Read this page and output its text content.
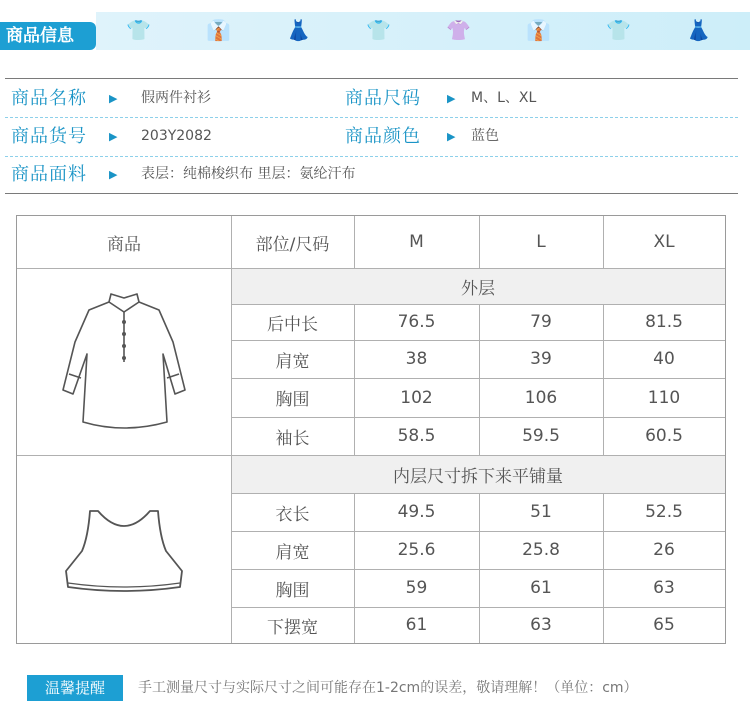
👕	👔	👗	👕	👚	👔	👕	👗
商品信息
商品名称 ▶ 假两件衬衫	商品尺码 ▶ M、L、XL
商品货号 ▶ 203Y2082	商品颜色 ▶ 蓝色
商品面料 ▶ 表层：纯棉梭织布 里层：氨纶汗布
商品	部位/尺码	M	L	XL
外层
后中长	76.5	79	81.5
肩宽	38	39	40
胸围	102	106	110
袖长	58.5	59.5	60.5
内层尺寸拆下来平铺量
衣长	49.5	51	52.5
肩宽	25.6	25.8	26
胸围	59	61	63
下摆宽	61	63	65
温馨提醒	手工测量尺寸与实际尺寸之间可能存在1-2cm的误差，敬请理解！（单位：cm）
